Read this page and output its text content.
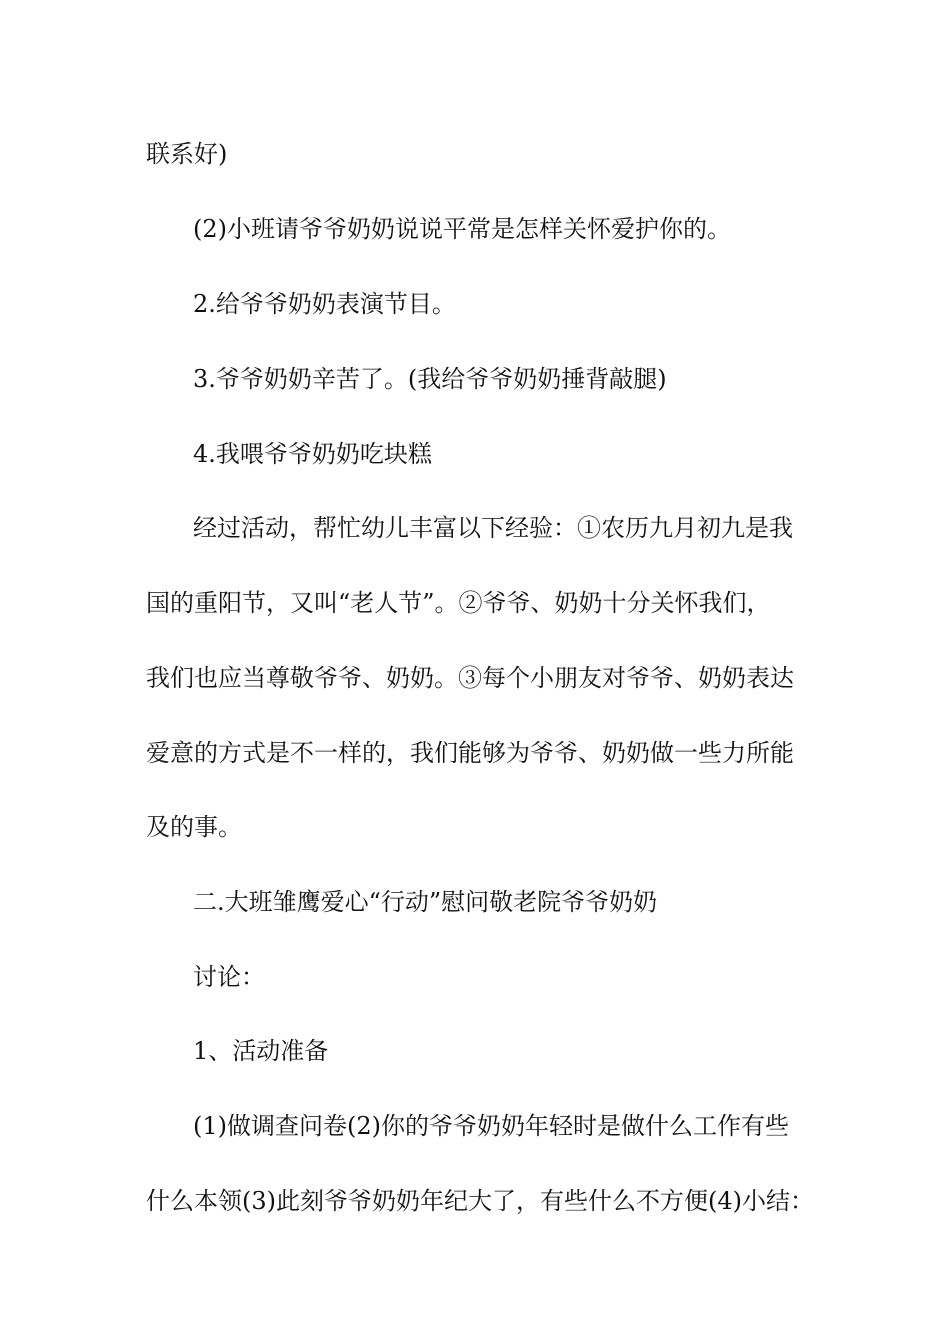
联系好)
(2)小班请爷爷奶奶说说平常是怎样关怀爱护你的。
2.给爷爷奶奶表演节目。
3.爷爷奶奶辛苦了。(我给爷爷奶奶捶背敲腿)
4.我喂爷爷奶奶吃块糕
经过活动，帮忙幼儿丰富以下经验：①农历九月初九是我
国的重阳节，又叫“老人节”。②爷爷、奶奶十分关怀我们，
我们也应当尊敬爷爷、奶奶。③每个小朋友对爷爷、奶奶表达
爱意的方式是不一样的，我们能够为爷爷、奶奶做一些力所能
及的事。
二.大班雏鹰爱心“行动”慰问敬老院爷爷奶奶
讨论：
1、活动准备
(1)做调查问卷(2)你的爷爷奶奶年轻时是做什么工作有些
什么本领(3)此刻爷爷奶奶年纪大了，有些什么不方便(4)小结：
